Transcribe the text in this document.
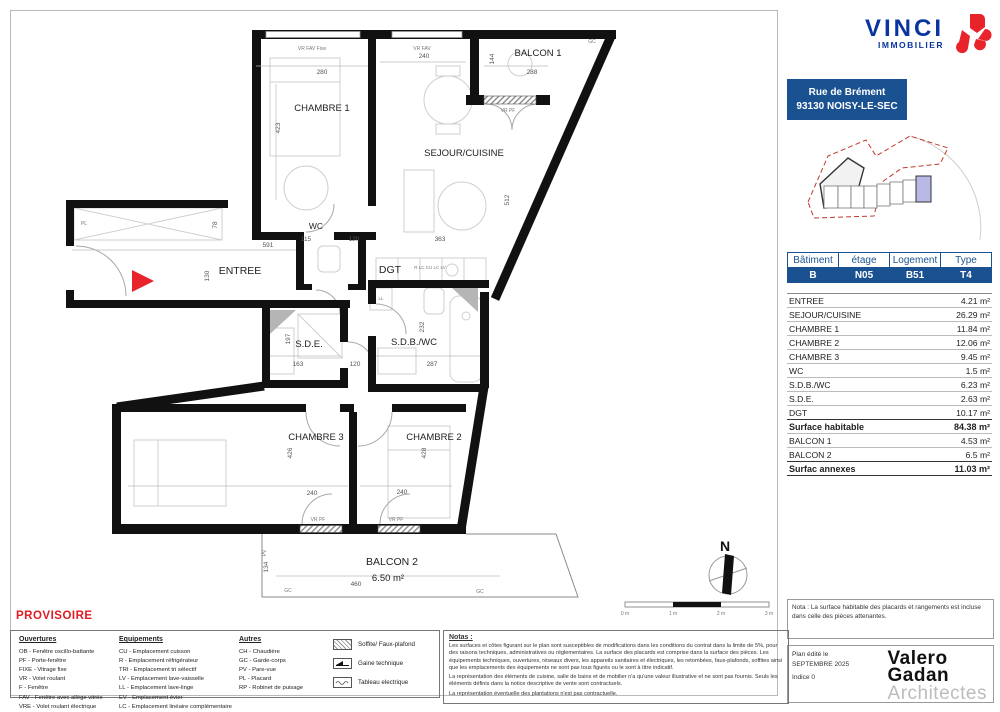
CHAMBRE 1
SEJOUR/CUISINE
BALCON 1
WC
ENTREE	DGT
S.D.E.	S.D.B./WC
CHAMBRE 3	CHAMBRE 2
BALCON 2
6.50 m²
280
423
240	144
288
512
363
591
115	120
130
78
163	120
197
232
287
426	428
240	240
460
134
VR FAV Fixe	VR FAV
GC
VR PF
VR PF	VR PF
PV
GC	GC
PL
R LC CU LC LV
LL
N
0 m	1 m	2 m	3 m
VINCI
IMMOBILIER
Rue de Brément
93130 NOISY-LE-SEC
Bâtiment	étage	Logement	Type
B	N05	B51	T4
ENTREE	4.21 m²
SEJOUR/CUISINE	26.29 m²
CHAMBRE 1	11.84 m²
CHAMBRE 2	12.06 m²
CHAMBRE 3	9.45 m²
WC	1.5 m²
S.D.B./WC	6.23 m²
S.D.E.	2.63 m²
DGT	10.17 m²
Surface habitable	84.38 m²
BALCON 1	4.53 m²
BALCON 2	6.5 m²
Surfac annexes	11.03 m²
Nota : La surface habitable des placards et rangements est incluse dans celle des pièces attenantes.
Plan édité le
SEPTEMBRE 2025
Indice 0
Valero
Gadan
Architectes
PROVISOIRE
Ouvertures
OB - Fenêtre oscillo-battante
PF - Porte-fenêtre
FIXE - Vitrage fixe
VR - Volet roulant
F - Fenêtre
FAV - Fenêtre avec allège vitrée
VRE - Volet roulant électrique
Equipements
CU - Emplacement cuisson
R - Emplacement réfrigérateur
TRI - Emplacement tri sélectif
LV - Emplacement lave-vaisselle
LL - Emplacement lave-linge
EV - Emplacement évier
LC - Emplacement linéaire complémentaire
Autres
CH - Chaudière
GC - Garde-corps
PV - Pare-vue
PL - Placard
RP - Robinet de puisage
Soffite/ Faux-plafond
Gaine technique
Tableau electrique
Notas :

Les surfaces et côtes figurant sur le plan sont susceptibles de modifications dans les conditions du contrat dans la limite de 5%, pour des raisons techniques, administratives ou réglementaires. La surface des placards est comprise dans la surface des pièces. Les équipements techniques, ouvertures, réseaux divers, les appareils sanitaires et électriques, les retombées, faux-plafonds, soffites ainsi que les emplacements des équipements ne sont pas tous figurés ou le sont à titre indicatif.

La représentation des éléments de cuisine, salle de bains et de mobilier n'a qu'une valeur illustrative et ne sont pas fournis. Seuls les éléments définis dans la notice descriptive de vente sont contractuels.

La représentation éventuelle des plantations n'est pas contractuelle.
